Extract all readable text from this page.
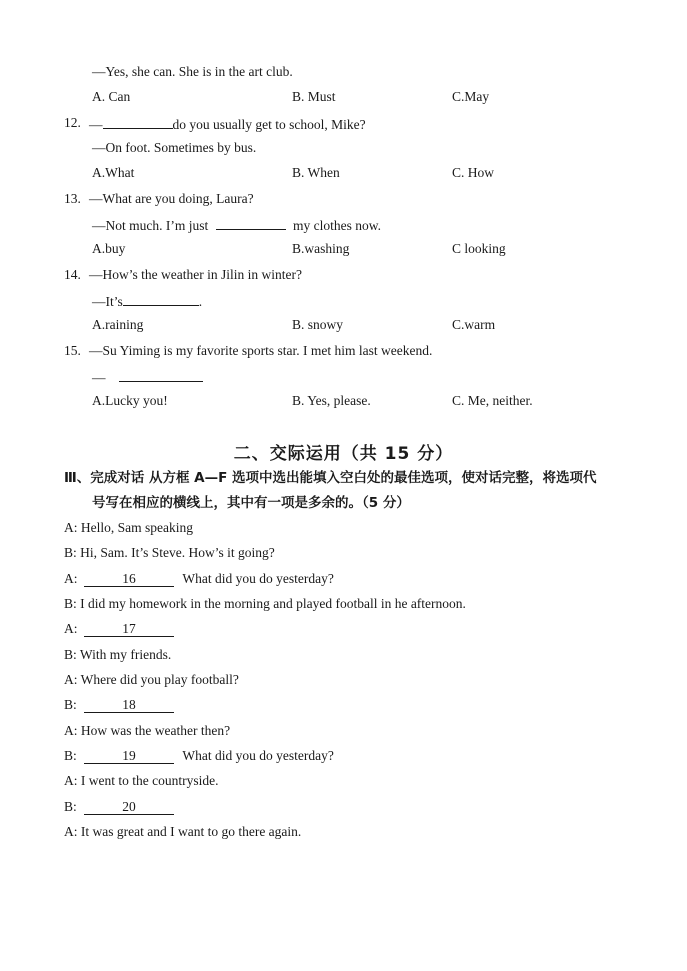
—Yes, she can. She is in the art club.
A. Can	B. Must	C.May
12. —	do you usually get to school, Mike?
—On foot. Sometimes by bus.
A.What	B. When	C. How
13. —What are you doing, Laura?
—Not much. I’m just	my clothes now.
A.buy	B.washing	C looking
14. —How’s the weather in Jilin in winter?
—It’s	.
A.raining	B. snowy	C.warm
15. —Su Yiming is my favorite sports star. I met him last weekend.
—
A.Lucky you!	B. Yes, please.	C. Me, neither.
二、交际运用（共 15 分）
Ⅲ、完成对话 从方框 A—F 选项中选出能填入空白处的最佳选项，使对话完整，将选项代
号写在相应的横线上，其中有一项是多余的。（5 分）
A: Hello, Sam speaking
B: Hi, Sam. It’s Steve. How’s it going?
A:	16	What did you do yesterday?
B: I did my homework in the morning and played football in he afternoon.
A:	17
B: With my friends.
A: Where did you play football?
B:	18
A: How was the weather then?
B:	19	What did you do yesterday?
A: I went to the countryside.
B:	20
A: It was great and I want to go there again.
